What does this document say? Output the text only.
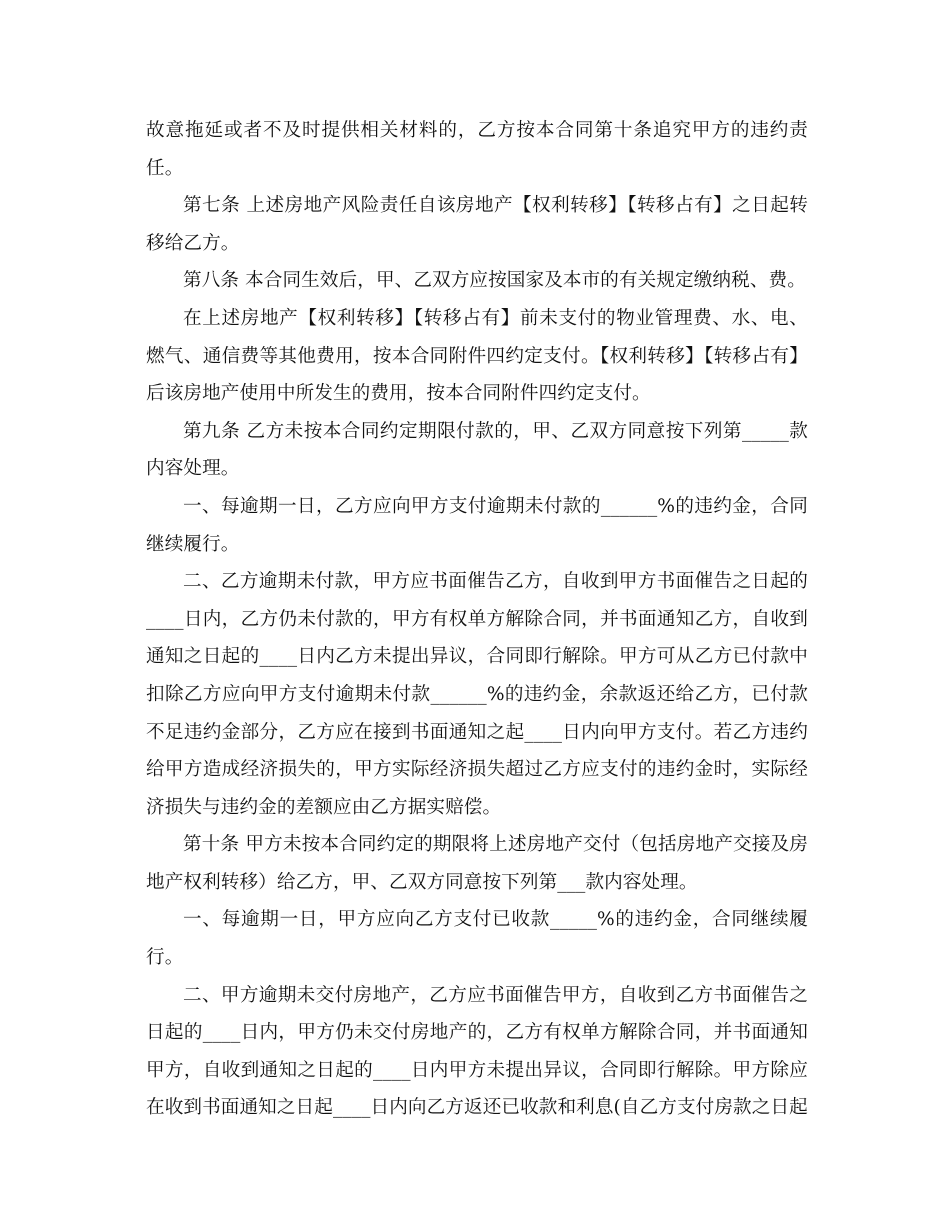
故意拖延或者不及时提供相关材料的，乙方按本合同第十条追究甲方的违约责任。

第七条 上述房地产风险责任自该房地产【权利转移】【转移占有】之日起转移给乙方。

第八条 本合同生效后，甲、乙双方应按国家及本市的有关规定缴纳税、费。

在上述房地产【权利转移】【转移占有】前未支付的物业管理费、水、电、燃气、通信费等其他费用，按本合同附件四约定支付。【权利转移】【转移占有】后该房地产使用中所发生的费用，按本合同附件四约定支付。

第九条 乙方未按本合同约定期限付款的，甲、乙双方同意按下列第_____款内容处理。

一、每逾期一日，乙方应向甲方支付逾期未付款的______%的违约金，合同继续履行。

二、乙方逾期未付款，甲方应书面催告乙方，自收到甲方书面催告之日起的____日内，乙方仍未付款的，甲方有权单方解除合同，并书面通知乙方，自收到通知之日起的____日内乙方未提出异议，合同即行解除。甲方可从乙方已付款中扣除乙方应向甲方支付逾期未付款______%的违约金，余款返还给乙方，已付款不足违约金部分，乙方应在接到书面通知之起____日内向甲方支付。若乙方违约给甲方造成经济损失的，甲方实际经济损失超过乙方应支付的违约金时，实际经济损失与违约金的差额应由乙方据实赔偿。

第十条 甲方未按本合同约定的期限将上述房地产交付（包括房地产交接及房地产权利转移）给乙方，甲、乙双方同意按下列第___款内容处理。

一、每逾期一日，甲方应向乙方支付已收款_____%的违约金，合同继续履行。

二、甲方逾期未交付房地产，乙方应书面催告甲方，自收到乙方书面催告之日起的____日内，甲方仍未交付房地产的，乙方有权单方解除合同，并书面通知甲方，自收到通知之日起的____日内甲方未提出异议，合同即行解除。甲方除应在收到书面通知之日起____日内向乙方返还已收款和利息(自乙方支付房款之日起
